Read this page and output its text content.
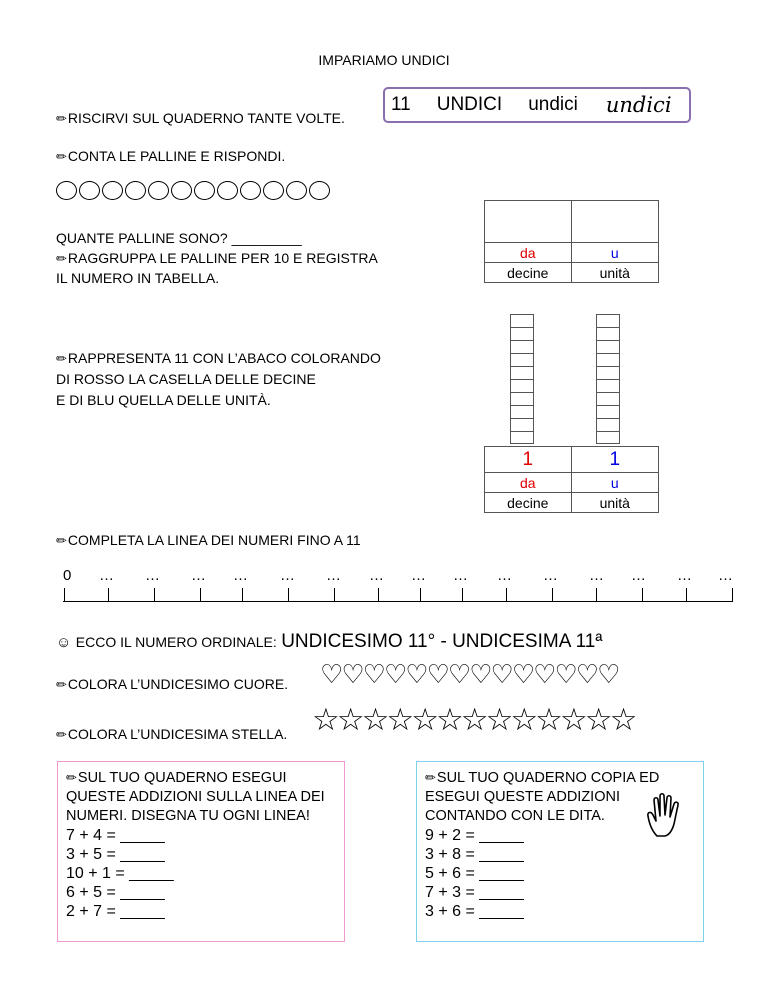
IMPARIAMO UNDICI
✏RISCIRVI SUL QUADERNO TANTE VOLTE.
11 UNDICI undici undici
✏CONTA LE PALLINE E RISPONDI.
QUANTE PALLINE SONO? _________
✏RAGGRUPPA LE PALLINE PER 10 E REGISTRA
IL NUMERO IN TABELLA.

da	u
decine	unità
✏RAPPRESENTA 11 CON L’ABACO COLORANDO
DI ROSSO LA CASELLA DELLE DECINE
E DI BLU QUELLA DELLE UNITÀ.
1	1
da	u
decine	unità
✏COMPLETA LA LINEA DEI NUMERI FINO A 11
0 … … … … … … … … … … … … … … …
☺ ECCO IL NUMERO ORDINALE: UNDICESIMO 11° - UNDICESIMA 11ª
✏COLORA L’UNDICESIMO CUORE. ♡♡♡♡♡♡♡♡♡♡♡♡♡♡
✏COLORA L’UNDICESIMA STELLA. ☆☆☆☆☆☆☆☆☆☆☆☆☆
✏SUL TUO QUADERNO ESEGUI
QUESTE ADDIZIONI SULLA LINEA DEI
NUMERI. DISEGNA TU OGNI LINEA!
7 + 4 = _____
3 + 5 = _____
10 + 1 = _____
6 + 5 = _____
2 + 7 = _____
✏SUL TUO QUADERNO COPIA ED
ESEGUI QUESTE ADDIZIONI
CONTANDO CON LE DITA.
9 + 2 = _____
3 + 8 = _____
5 + 6 = _____
7 + 3 = _____
3 + 6 = _____
